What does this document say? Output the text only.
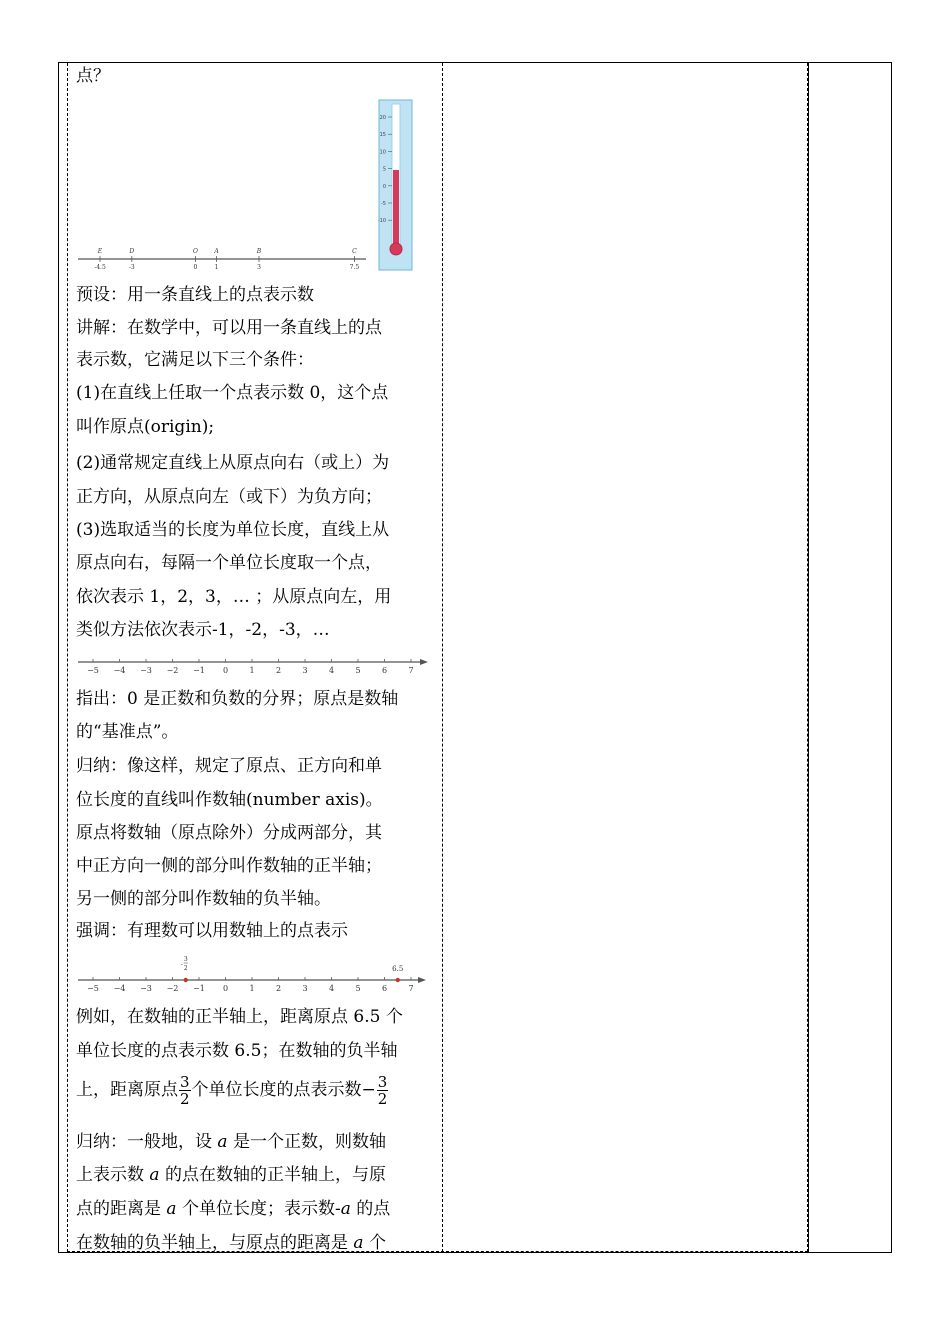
点？
E
-4.5
D
-3
O
0
A
1
B
3
C
7.5
20
15
10
5
0
-5
-10
预设：用一条直线上的点表示数
讲解：在数学中，可以用一条直线上的点
表示数，它满足以下三个条件：
(1)在直线上任取一个点表示数 0，这个点
叫作原点(origin);
(2)通常规定直线上从原点向右（或上）为
正方向，从原点向左（或下）为负方向；
(3)选取适当的长度为单位长度，直线上从
原点向右，每隔一个单位长度取一个点，
依次表示 1，2，3，… ；从原点向左，用
类似方法依次表示-1，-2，-3，…
−5 −4 −3 −2 −1 0	1	2	3	4	5	6	7
指出：0 是正数和负数的分界；原点是数轴
的“基准点”。
归纳：像这样，规定了原点、正方向和单
位长度的直线叫作数轴(number axis)。
原点将数轴（原点除外）分成两部分，其
中正方向一侧的部分叫作数轴的正半轴；
另一侧的部分叫作数轴的负半轴。
强调：有理数可以用数轴上的点表示
−5 −4 −3 −2 −1 0	1	2	3	4	5	6	7
6.5
3
-
2
例如，在数轴的正半轴上，距离原点 6.5 个
单位长度的点表示数 6.5；在数轴的负半轴
上，距离原点 $\frac{3}{2}$ 个单位长度的点表示数− $\frac{3}{2}$
归纳：一般地，设 a 是一个正数，则数轴
上表示数 a 的点在数轴的正半轴上，与原
点的距离是 a 个单位长度；表示数-a 的点
在数轴的负半轴上，与原点的距离是 a 个
